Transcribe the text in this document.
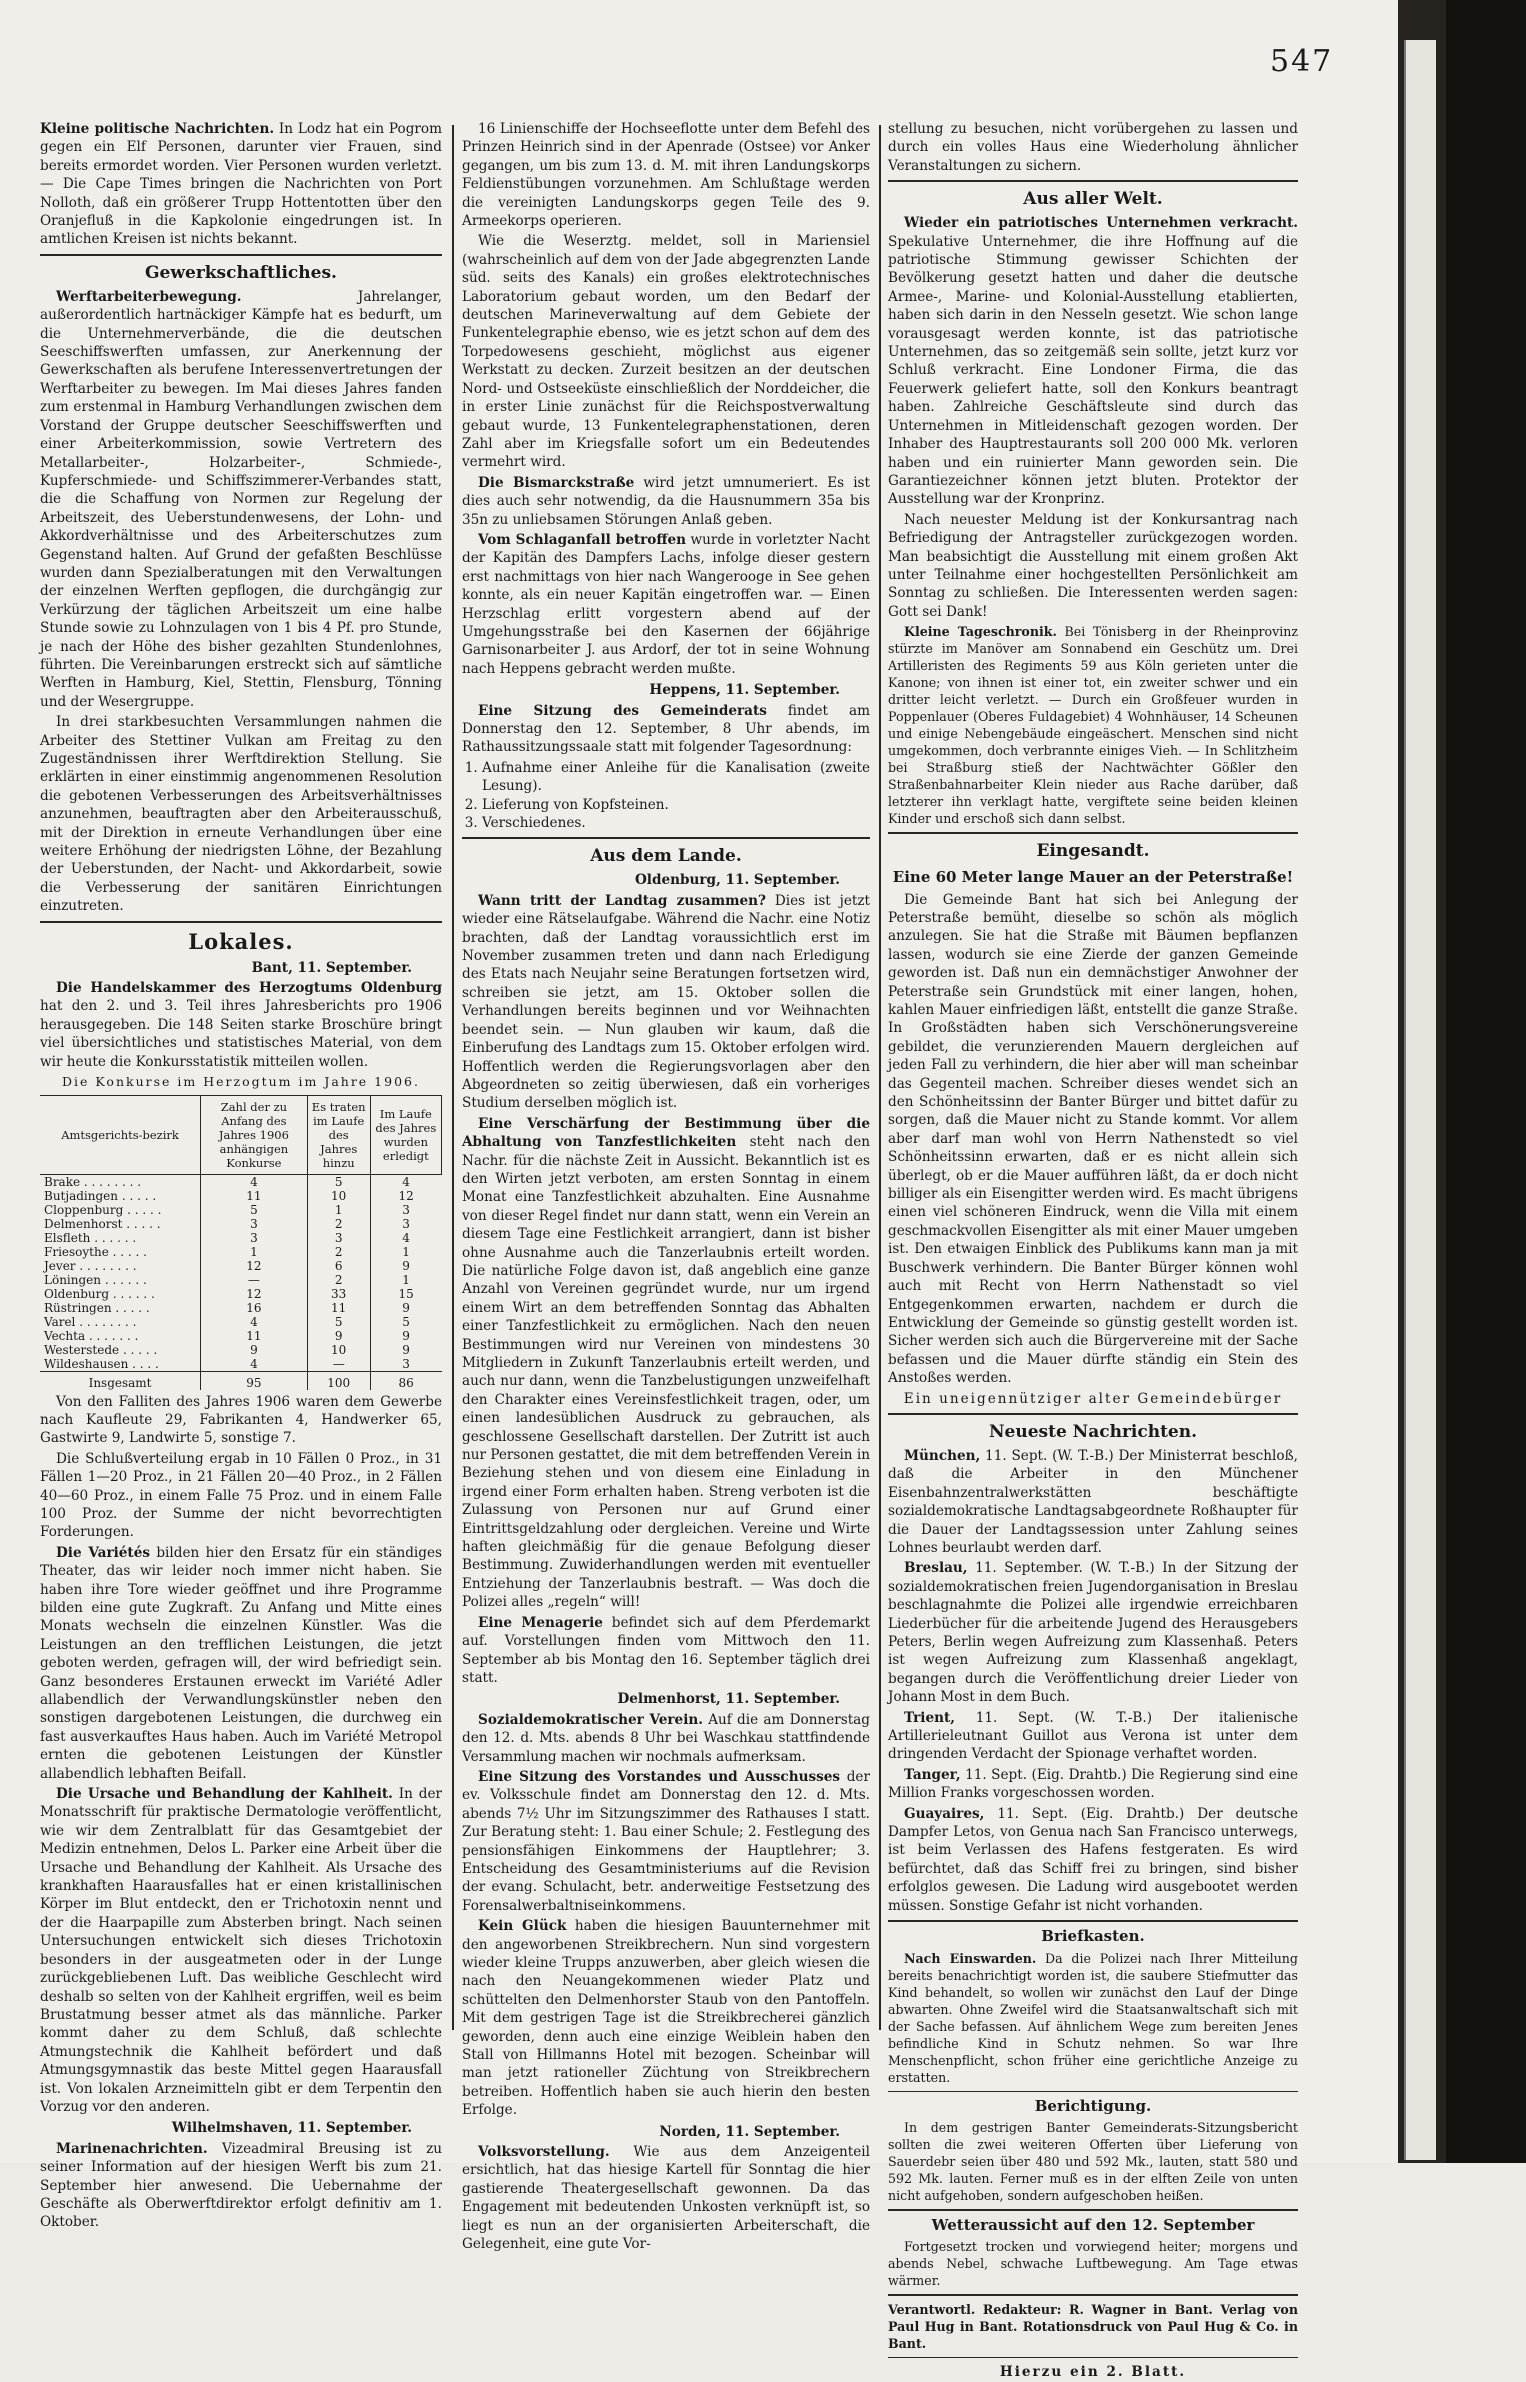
547

Kleine politische Nachrichten. In Lodz hat ein Pogrom gegen ein Elf Personen, darunter vier Frauen, sind bereits ermordet worden. Vier Personen wurden verletzt. — Die Cape Times bringen die Nachrichten von Port Nolloth, daß ein größerer Trupp Hottentotten über den Oranjefluß in die Kapkolonie eingedrungen ist. In amtlichen Kreisen ist nichts bekannt.

Gewerkschaftliches.

Werftarbeiterbewegung. Jahrelanger, außerordentlich hartnäckiger Kämpfe hat es bedurft, um die Unternehmerverbände, die die deutschen Seeschiffswerften umfassen, zur Anerkennung der Gewerkschaften als berufene Interessenvertretungen der Werftarbeiter zu bewegen. Im Mai dieses Jahres fanden zum erstenmal in Hamburg Verhandlungen zwischen dem Vorstand der Gruppe deutscher Seeschiffswerften und einer Arbeiterkommission, sowie Vertretern des Metallarbeiter-, Holzarbeiter-, Schmiede-, Kupferschmiede- und Schiffszimmerer-Verbandes statt, die die Schaffung von Normen zur Regelung der Arbeitszeit, des Ueberstundenwesens, der Lohn- und Akkordverhältnisse und des Arbeiterschutzes zum Gegenstand halten. Auf Grund der gefaßten Beschlüsse wurden dann Spezialberatungen mit den Verwaltungen der einzelnen Werften gepflogen, die durchgängig zur Verkürzung der täglichen Arbeitszeit um eine halbe Stunde sowie zu Lohnzulagen von 1 bis 4 Pf. pro Stunde, je nach der Höhe des bisher gezahlten Stundenlohnes, führten. Die Vereinbarungen erstreckt sich auf sämtliche Werften in Hamburg, Kiel, Stettin, Flensburg, Tönning und der Wesergruppe.

In drei starkbesuchten Versammlungen nahmen die Arbeiter des Stettiner Vulkan am Freitag zu den Zugeständnissen ihrer Werftdirektion Stellung. Sie erklärten in einer einstimmig angenommenen Resolution die gebotenen Verbesserungen des Arbeitsverhältnisses anzunehmen, beauftragten aber den Arbeiterausschuß, mit der Direktion in erneute Verhandlungen über eine weitere Erhöhung der niedrigsten Löhne, der Bezahlung der Ueberstunden, der Nacht- und Akkordarbeit, sowie die Verbesserung der sanitären Einrichtungen einzutreten.

Lokales.

Bant, 11. September.

Die Handelskammer des Herzogtums Oldenburg hat den 2. und 3. Teil ihres Jahresberichts pro 1906 herausgegeben. Die 148 Seiten starke Broschüre bringt viel übersichtliches und statistisches Material, von dem wir heute die Konkursstatistik mitteilen wollen.

Die Konkurse im Herzogtum im Jahre 1906.

Amtsgerichts-bezirk	Zahl der zu Anfang des Jahres 1906 anhängigen Konkurse	Es traten im Laufe des Jahres hinzu	Im Laufe des Jahres wurden erledigt
Brake . . . . . . . .	4	5	4
Butjadingen . . . . .	11	10	12
Cloppenburg . . . . .	5	1	3
Delmenhorst . . . . .	3	2	3
Elsfleth . . . . . .	3	3	4
Friesoythe . . . . .	1	2	1
Jever . . . . . . . .	12	6	9
Löningen . . . . . .	—	2	1
Oldenburg . . . . . .	12	33	15
Rüstringen . . . . .	16	11	9
Varel . . . . . . . .	4	5	5
Vechta . . . . . . .	11	9	9
Westerstede . . . . .	9	10	9
Wildeshausen . . . .	4	—	3
Insgesamt	95	100	86

Von den Falliten des Jahres 1906 waren dem Gewerbe nach Kaufleute 29, Fabrikanten 4, Handwerker 65, Gastwirte 9, Landwirte 5, sonstige 7.

Die Schlußverteilung ergab in 10 Fällen 0 Proz., in 31 Fällen 1—20 Proz., in 21 Fällen 20—40 Proz., in 2 Fällen 40—60 Proz., in einem Falle 75 Proz. und in einem Falle 100 Proz. der Summe der nicht bevorrechtigten Forderungen.

Die Variétés bilden hier den Ersatz für ein ständiges Theater, das wir leider noch immer nicht haben. Sie haben ihre Tore wieder geöffnet und ihre Programme bilden eine gute Zugkraft. Zu Anfang und Mitte eines Monats wechseln die einzelnen Künstler. Was die Leistungen an den trefflichen Leistungen, die jetzt geboten werden, gefragen will, der wird befriedigt sein. Ganz besonderes Erstaunen erweckt im Variété Adler allabendlich der Verwandlungskünstler neben den sonstigen dargebotenen Leistungen, die durchweg ein fast ausverkauftes Haus haben. Auch im Variété Metropol ernten die gebotenen Leistungen der Künstler allabendlich lebhaften Beifall.

Die Ursache und Behandlung der Kahlheit. In der Monatsschrift für praktische Dermatologie veröffentlicht, wie wir dem Zentralblatt für das Gesamtgebiet der Medizin entnehmen, Delos L. Parker eine Arbeit über die Ursache und Behandlung der Kahlheit. Als Ursache des krankhaften Haarausfalles hat er einen kristallinischen Körper im Blut entdeckt, den er Trichotoxin nennt und der die Haarpapille zum Absterben bringt. Nach seinen Untersuchungen entwickelt sich dieses Trichotoxin besonders in der ausgeatmeten oder in der Lunge zurückgebliebenen Luft. Das weibliche Geschlecht wird deshalb so selten von der Kahlheit ergriffen, weil es beim Brustatmung besser atmet als das männliche. Parker kommt daher zu dem Schluß, daß schlechte Atmungstechnik die Kahlheit befördert und daß Atmungsgymnastik das beste Mittel gegen Haarausfall ist. Von lokalen Arzneimitteln gibt er dem Terpentin den Vorzug vor den anderen.

Wilhelmshaven, 11. September.

Marinenachrichten. Vizeadmiral Breusing ist zu seiner Information auf der hiesigen Werft bis zum 21. September hier anwesend. Die Uebernahme der Geschäfte als Oberwerftdirektor erfolgt definitiv am 1. Oktober.

16 Linienschiffe der Hochseeflotte unter dem Befehl des Prinzen Heinrich sind in der Apenrade (Ostsee) vor Anker gegangen, um bis zum 13. d. M. mit ihren Landungskorps Feldienstübungen vorzunehmen. Am Schlußtage werden die vereinigten Landungskorps gegen Teile des 9. Armeekorps operieren.

Wie die Weserztg. meldet, soll in Mariensiel (wahrscheinlich auf dem von der Jade abgegrenzten Lande süd. seits des Kanals) ein großes elektrotechnisches Laboratorium gebaut worden, um den Bedarf der deutschen Marineverwaltung auf dem Gebiete der Funkentelegraphie ebenso, wie es jetzt schon auf dem des Torpedowesens geschieht, möglichst aus eigener Werkstatt zu decken. Zurzeit besitzen an der deutschen Nord- und Ostseeküste einschließlich der Norddeicher, die in erster Linie zunächst für die Reichspostverwaltung gebaut wurde, 13 Funkentelegraphenstationen, deren Zahl aber im Kriegsfalle sofort um ein Bedeutendes vermehrt wird.

Die Bismarckstraße wird jetzt umnumeriert. Es ist dies auch sehr notwendig, da die Hausnummern 35a bis 35n zu unliebsamen Störungen Anlaß geben.

Vom Schlaganfall betroffen wurde in vorletzter Nacht der Kapitän des Dampfers Lachs, infolge dieser gestern erst nachmittags von hier nach Wangerooge in See gehen konnte, als ein neuer Kapitän eingetroffen war. — Einen Herzschlag erlitt vorgestern abend auf der Umgehungsstraße bei den Kasernen der 66jährige Garnisonarbeiter J. aus Ardorf, der tot in seine Wohnung nach Heppens gebracht werden mußte.

Heppens, 11. September.

Eine Sitzung des Gemeinderats findet am Donnerstag den 12. September, 8 Uhr abends, im Rathaussitzungssaale statt mit folgender Tagesordnung:

1. Aufnahme einer Anleihe für die Kanalisation (zweite Lesung).
2. Lieferung von Kopfsteinen.
3. Verschiedenes.

Aus dem Lande.

Oldenburg, 11. September.

Wann tritt der Landtag zusammen? Dies ist jetzt wieder eine Rätselaufgabe. Während die Nachr. eine Notiz brachten, daß der Landtag voraussichtlich erst im November zusammen treten und dann nach Erledigung des Etats nach Neujahr seine Beratungen fortsetzen wird, schreiben sie jetzt, am 15. Oktober sollen die Verhandlungen bereits beginnen und vor Weihnachten beendet sein. — Nun glauben wir kaum, daß die Einberufung des Landtags zum 15. Oktober erfolgen wird. Hoffentlich werden die Regierungsvorlagen aber den Abgeordneten so zeitig überwiesen, daß ein vorheriges Studium derselben möglich ist.

Eine Verschärfung der Bestimmung über die Abhaltung von Tanzfestlichkeiten steht nach den Nachr. für die nächste Zeit in Aussicht. Bekanntlich ist es den Wirten jetzt verboten, am ersten Sonntag in einem Monat eine Tanzfestlichkeit abzuhalten. Eine Ausnahme von dieser Regel findet nur dann statt, wenn ein Verein an diesem Tage eine Festlichkeit arrangiert, dann ist bisher ohne Ausnahme auch die Tanzerlaubnis erteilt worden. Die natürliche Folge davon ist, daß angeblich eine ganze Anzahl von Vereinen gegründet wurde, nur um irgend einem Wirt an dem betreffenden Sonntag das Abhalten einer Tanzfestlichkeit zu ermöglichen. Nach den neuen Bestimmungen wird nur Vereinen von mindestens 30 Mitgliedern in Zukunft Tanzerlaubnis erteilt werden, und auch nur dann, wenn die Tanzbelustigungen unzweifelhaft den Charakter eines Vereinsfestlichkeit tragen, oder, um einen landesüblichen Ausdruck zu gebrauchen, als geschlossene Gesellschaft darstellen. Der Zutritt ist auch nur Personen gestattet, die mit dem betreffenden Verein in Beziehung stehen und von diesem eine Einladung in irgend einer Form erhalten haben. Streng verboten ist die Zulassung von Personen nur auf Grund einer Eintrittsgeldzahlung oder dergleichen. Vereine und Wirte haften gleichmäßig für die genaue Befolgung dieser Bestimmung. Zuwiderhandlungen werden mit eventueller Entziehung der Tanzerlaubnis bestraft. — Was doch die Polizei alles „regeln“ will!

Eine Menagerie befindet sich auf dem Pferdemarkt auf. Vorstellungen finden vom Mittwoch den 11. September ab bis Montag den 16. September täglich drei statt.

Delmenhorst, 11. September.

Sozialdemokratischer Verein. Auf die am Donnerstag den 12. d. Mts. abends 8 Uhr bei Waschkau stattfindende Versammlung machen wir nochmals aufmerksam.

Eine Sitzung des Vorstandes und Ausschusses der ev. Volksschule findet am Donnerstag den 12. d. Mts. abends 7½ Uhr im Sitzungszimmer des Rathauses I statt. Zur Beratung steht: 1. Bau einer Schule; 2. Festlegung des pensionsfähigen Einkommens der Hauptlehrer; 3. Entscheidung des Gesamtministeriums auf die Revision der evang. Schulacht, betr. anderweitige Festsetzung des Forensalwerbaltniseinkommens.

Kein Glück haben die hiesigen Bauunternehmer mit den angeworbenen Streikbrechern. Nun sind vorgestern wieder kleine Trupps anzuwerben, aber gleich wiesen die nach den Neuangekommenen wieder Platz und schüttelten den Delmenhorster Staub von den Pantoffeln. Mit dem gestrigen Tage ist die Streikbrecherei gänzlich geworden, denn auch eine einzige Weiblein haben den Stall von Hillmanns Hotel mit bezogen. Scheinbar will man jetzt rationeller Züchtung von Streikbrechern betreiben. Hoffentlich haben sie auch hierin den besten Erfolge.

Norden, 11. September.

Volksvorstellung. Wie aus dem Anzeigenteil ersichtlich, hat das hiesige Kartell für Sonntag die hier gastierende Theatergesellschaft gewonnen. Da das Engagement mit bedeutenden Unkosten verknüpft ist, so liegt es nun an der organisierten Arbeiterschaft, die Gelegenheit, eine gute Vor-

stellung zu besuchen, nicht vorübergehen zu lassen und durch ein volles Haus eine Wiederholung ähnlicher Veranstaltungen zu sichern.

Aus aller Welt.

Wieder ein patriotisches Unternehmen verkracht. Spekulative Unternehmer, die ihre Hoffnung auf die patriotische Stimmung gewisser Schichten der Bevölkerung gesetzt hatten und daher die deutsche Armee-, Marine- und Kolonial-Ausstellung etablierten, haben sich darin in den Nesseln gesetzt. Wie schon lange vorausgesagt werden konnte, ist das patriotische Unternehmen, das so zeitgemäß sein sollte, jetzt kurz vor Schluß verkracht. Eine Londoner Firma, die das Feuerwerk geliefert hatte, soll den Konkurs beantragt haben. Zahlreiche Geschäftsleute sind durch das Unternehmen in Mitleidenschaft gezogen worden. Der Inhaber des Hauptrestaurants soll 200 000 Mk. verloren haben und ein ruinierter Mann geworden sein. Die Garantiezeichner können jetzt bluten. Protektor der Ausstellung war der Kronprinz.

Nach neuester Meldung ist der Konkursantrag nach Befriedigung der Antragsteller zurückgezogen worden. Man beabsichtigt die Ausstellung mit einem großen Akt unter Teilnahme einer hochgestellten Persönlichkeit am Sonntag zu schließen. Die Interessenten werden sagen: Gott sei Dank!

Kleine Tageschronik. Bei Tönisberg in der Rheinprovinz stürzte im Manöver am Sonnabend ein Geschütz um. Drei Artilleristen des Regiments 59 aus Köln gerieten unter die Kanone; von ihnen ist einer tot, ein zweiter schwer und ein dritter leicht verletzt. — Durch ein Großfeuer wurden in Poppenlauer (Oberes Fuldagebiet) 4 Wohnhäuser, 14 Scheunen und einige Nebengebäude eingeäschert. Menschen sind nicht umgekommen, doch verbrannte einiges Vieh. — In Schlitzheim bei Straßburg stieß der Nachtwächter Gößler den Straßenbahnarbeiter Klein nieder aus Rache darüber, daß letzterer ihn verklagt hatte, vergiftete seine beiden kleinen Kinder und erschoß sich dann selbst.

Eingesandt.

Eine 60 Meter lange Mauer an der Peterstraße!

Die Gemeinde Bant hat sich bei Anlegung der Peterstraße bemüht, dieselbe so schön als möglich anzulegen. Sie hat die Straße mit Bäumen bepflanzen lassen, wodurch sie eine Zierde der ganzen Gemeinde geworden ist. Daß nun ein demnächstiger Anwohner der Peterstraße sein Grundstück mit einer langen, hohen, kahlen Mauer einfriedigen läßt, entstellt die ganze Straße. In Großstädten haben sich Verschönerungsvereine gebildet, die verunzierenden Mauern dergleichen auf jeden Fall zu verhindern, die hier aber will man scheinbar das Gegenteil machen. Schreiber dieses wendet sich an den Schönheitssinn der Banter Bürger und bittet dafür zu sorgen, daß die Mauer nicht zu Stande kommt. Vor allem aber darf man wohl von Herrn Nathenstedt so viel Schönheitssinn erwarten, daß er es nicht allein sich überlegt, ob er die Mauer aufführen läßt, da er doch nicht billiger als ein Eisengitter werden wird. Es macht übrigens einen viel schöneren Eindruck, wenn die Villa mit einem geschmackvollen Eisengitter als mit einer Mauer umgeben ist. Den etwaigen Einblick des Publikums kann man ja mit Buschwerk verhindern. Die Banter Bürger können wohl auch mit Recht von Herrn Nathenstadt so viel Entgegenkommen erwarten, nachdem er durch die Entwicklung der Gemeinde so günstig gestellt worden ist. Sicher werden sich auch die Bürgervereine mit der Sache befassen und die Mauer dürfte ständig ein Stein des Anstoßes werden.

Ein uneigennütziger alter Gemeindebürger

Neueste Nachrichten.

München, 11. Sept. (W. T.-B.) Der Ministerrat beschloß, daß die Arbeiter in den Münchener Eisenbahnzentralwerkstätten beschäftigte sozialdemokratische Landtagsabgeordnete Roßhaupter für die Dauer der Landtagssession unter Zahlung seines Lohnes beurlaubt werden darf.

Breslau, 11. September. (W. T.-B.) In der Sitzung der sozialdemokratischen freien Jugendorganisation in Breslau beschlagnahmte die Polizei alle irgendwie erreichbaren Liederbücher für die arbeitende Jugend des Herausgebers Peters, Berlin wegen Aufreizung zum Klassenhaß. Peters ist wegen Aufreizung zum Klassenhaß angeklagt, begangen durch die Veröffentlichung dreier Lieder von Johann Most in dem Buch.

Trient, 11. Sept. (W. T.-B.) Der italienische Artillerieleutnant Guillot aus Verona ist unter dem dringenden Verdacht der Spionage verhaftet worden.

Tanger, 11. Sept. (Eig. Drahtb.) Die Regierung sind eine Million Franks vorgeschossen worden.

Guayaires, 11. Sept. (Eig. Drahtb.) Der deutsche Dampfer Letos, von Genua nach San Francisco unterwegs, ist beim Verlassen des Hafens festgeraten. Es wird befürchtet, daß das Schiff frei zu bringen, sind bisher erfolglos gewesen. Die Ladung wird ausgebootet werden müssen. Sonstige Gefahr ist nicht vorhanden.

Briefkasten.

Nach Einswarden. Da die Polizei nach Ihrer Mitteilung bereits benachrichtigt worden ist, die saubere Stiefmutter das Kind behandelt, so wollen wir zunächst den Lauf der Dinge abwarten. Ohne Zweifel wird die Staatsanwaltschaft sich mit der Sache befassen. Auf ähnlichem Wege zum bereiten Jenes befindliche Kind in Schutz nehmen. So war Ihre Menschenpflicht, schon früher eine gerichtliche Anzeige zu erstatten.

Berichtigung.

In dem gestrigen Banter Gemeinderats-Sitzungsbericht sollten die zwei weiteren Offerten über Lieferung von Sauerdebr seien über 480 und 592 Mk., lauten, statt 580 und 592 Mk. lauten. Ferner muß es in der elften Zeile von unten nicht aufgehoben, sondern aufgeschoben heißen.

Wetteraussicht auf den 12. September

Fortgesetzt trocken und vorwiegend heiter; morgens und abends Nebel, schwache Luftbewegung. Am Tage etwas wärmer.

Verantwortl. Redakteur: R. Wagner in Bant. Verlag von Paul Hug in Bant. Rotationsdruck von Paul Hug & Co. in Bant.

Hierzu ein 2. Blatt.
